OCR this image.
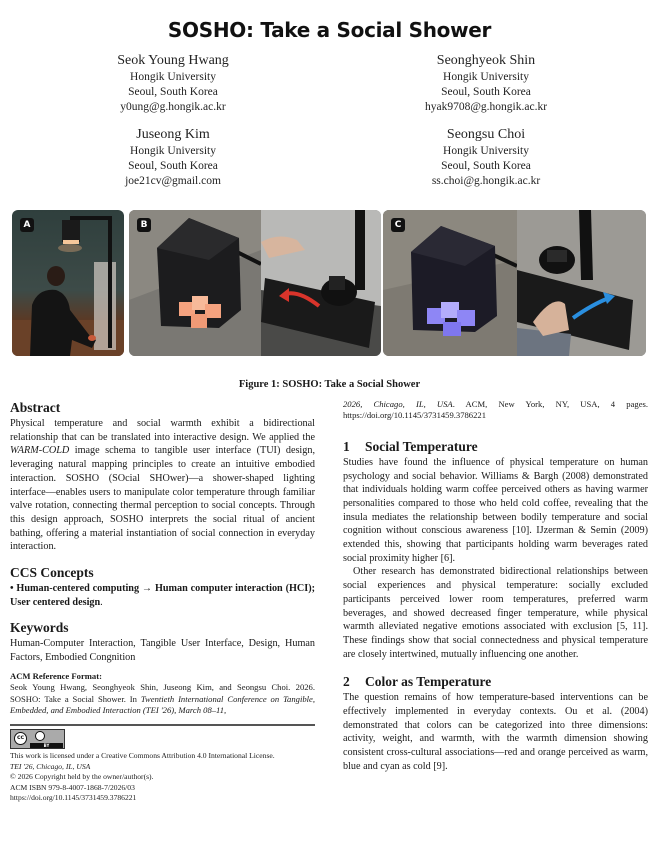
SOSHO: Take a Social Shower
Seok Young Hwang
Hongik University
Seoul, South Korea
y0ung@g.hongik.ac.kr
Seonghyeok Shin
Hongik University
Seoul, South Korea
hyak9708@g.hongik.ac.kr
Juseong Kim
Hongik University
Seoul, South Korea
joe21cv@gmail.com
Seongsu Choi
Hongik University
Seoul, South Korea
ss.choi@g.hongik.ac.kr
A	B	C
Figure 1: SOSHO: Take a Social Shower
Abstract

Physical temperature and social warmth exhibit a bidirectional relationship that can be translated into interactive design. We applied the WARM-COLD image schema to tangible user interface (TUI) design, leveraging natural mapping principles to create an intuitive embodied interaction. SOSHO (SOcial SHOwer)—a shower-shaped lighting interface—enables users to manipulate color temperature through familiar valve rotation, connecting thermal perception to social concepts. Through this design approach, SOSHO interprets the social ritual of ancient bathing, offering a material instantiation of social connection in everyday interaction.

CCS Concepts

• Human-centered computing → Human computer interaction (HCI); User centered design.

Keywords

Human-Computer Interaction, Tangible User Interface, Design, Human Factors, Embodied Congnition

ACM Reference Format:

Seok Young Hwang, Seonghyeok Shin, Juseong Kim, and Seongsu Choi. 2026. SOSHO: Take a Social Shower. In Twentieth International Conference on Tangible, Embedded, and Embodied Interaction (TEI '26), March 08–11,

cc
BY
This work is licensed under a Creative Commons Attribution 4.0 International License.
TEI '26, Chicago, IL, USA
© 2026 Copyright held by the owner/author(s).
ACM ISBN 979-8-4007-1868-7/2026/03
https://doi.org/10.1145/3731459.3786221

2026, Chicago, IL, USA. ACM, New York, NY, USA, 4 pages. https://doi.org/10.1145/3731459.3786221

1 Social Temperature

Studies have found the influence of physical temperature on human psychology and social behavior. Williams & Bargh (2008) demonstrated that individuals holding warm coffee perceived others as having warmer personalities compared to those who held cold coffee, revealing that the insula mediates the relationship between bodily temperature and social cognition without conscious awareness [10]. IJzerman & Semin (2009) extended this, showing that participants holding warm beverages rated social proximity higher [6].

Other research has demonstrated bidirectional relationships between social experiences and physical temperature: socially excluded participants perceived lower room temperatures, preferred warm beverages, and showed decreased finger temperature, while physical warmth alleviated negative emotions associated with exclusion [5, 11]. These findings show that social connectedness and physical temperature are closely intertwined, mutually influencing one another.

2 Color as Temperature

The question remains of how temperature-based interventions can be effectively implemented in everyday contexts. Ou et al. (2004) demonstrated that colors can be categorized into three dimensions: activity, weight, and warmth, with the warmth dimension showing consistent cross-cultural associations—red and orange perceived as warm, blue and cyan as cold [9].
